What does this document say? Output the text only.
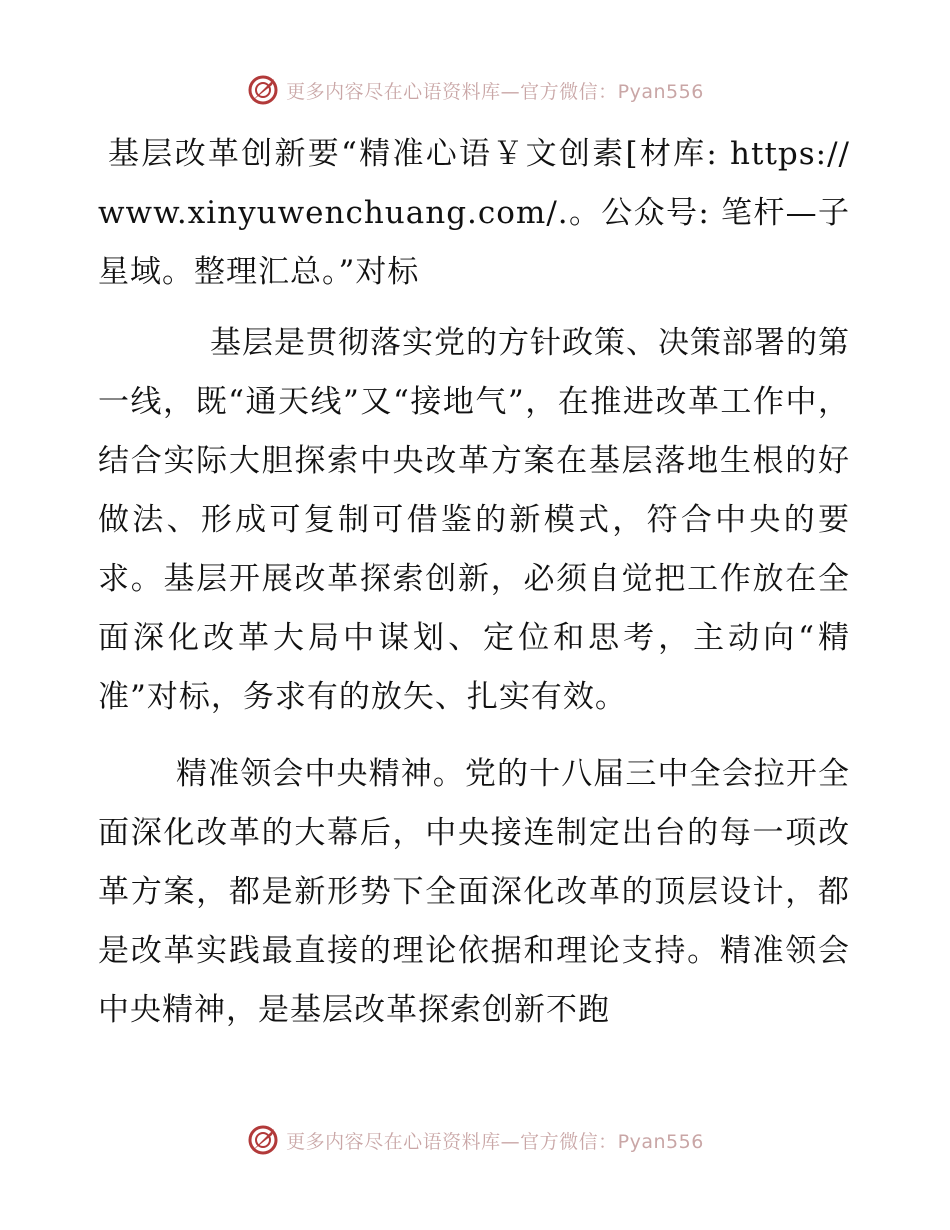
更多内容尽在心语资料库—官方微信：Pyan556

基层改革创新要“精准心语￥文创素[材库: https://www.xinyuwenchuang.com/.。公众号: 笔杆—子星域。整理汇总。”对标

基层是贯彻落实党的方针政策、决策部署的第一线，既“通天线”又“接地气”，在推进改革工作中，结合实际大胆探索中央改革方案在基层落地生根的好做法、形成可复制可借鉴的新模式，符合中央的要求。基层开展改革探索创新，必须自觉把工作放在全面深化改革大局中谋划、定位和思考，主动向“精准”对标，务求有的放矢、扎实有效。

精准领会中央精神。党的十八届三中全会拉开全面深化改革的大幕后，中央接连制定出台的每一项改革方案，都是新形势下全面深化改革的顶层设计，都是改革实践最直接的理论依据和理论支持。精准领会中央精神，是基层改革探索创新不跑

更多内容尽在心语资料库—官方微信：Pyan556
